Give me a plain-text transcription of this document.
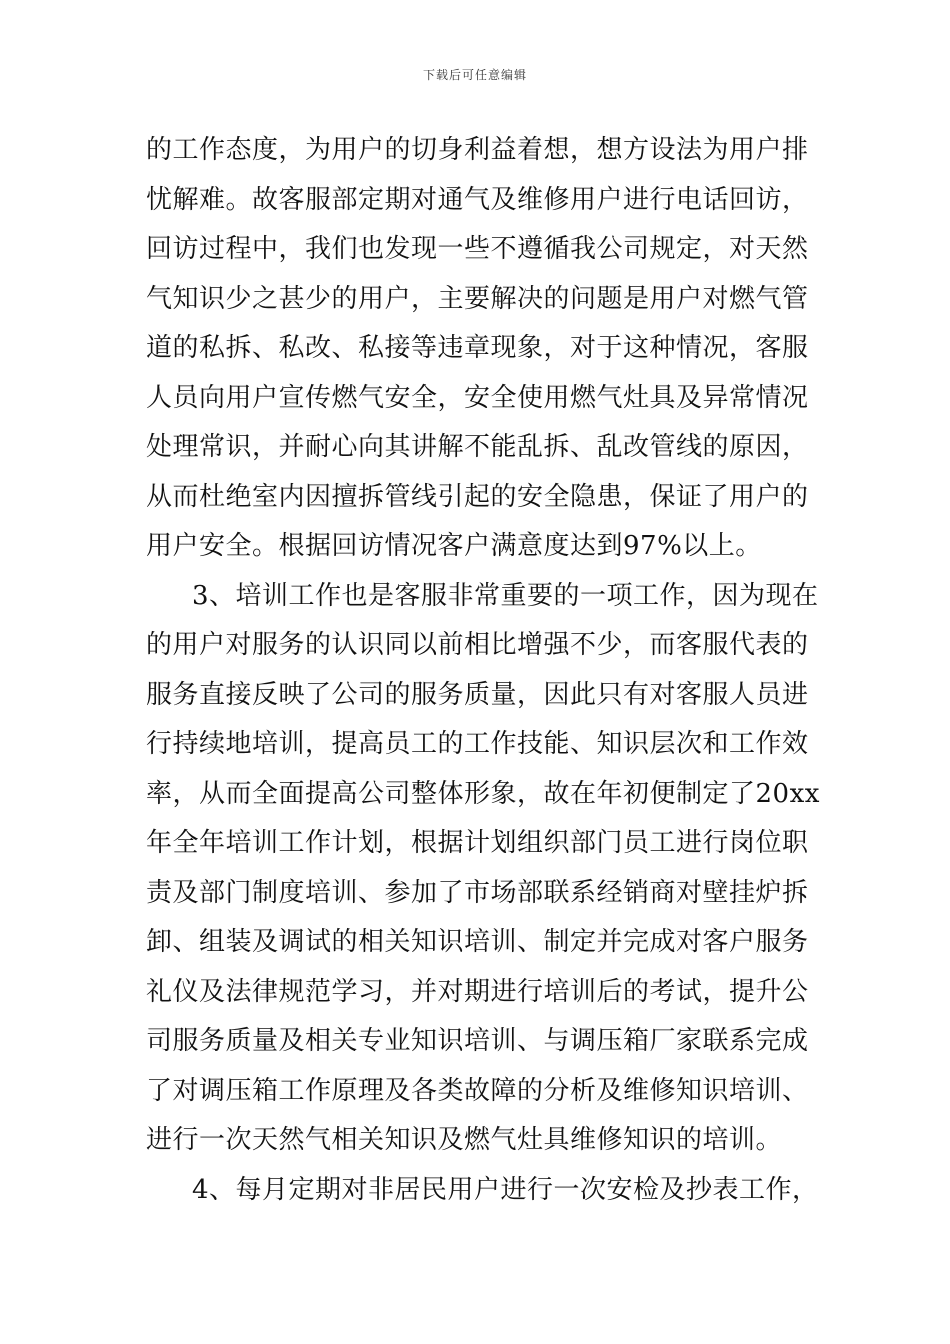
下载后可任意编辑
的工作态度，为用户的切身利益着想，想方设法为用户排
忧解难。故客服部定期对通气及维修用户进行电话回访，
回访过程中，我们也发现一些不遵循我公司规定，对天然
气知识少之甚少的用户，主要解决的问题是用户对燃气管
道的私拆、私改、私接等违章现象，对于这种情况，客服
人员向用户宣传燃气安全，安全使用燃气灶具及异常情况
处理常识，并耐心向其讲解不能乱拆、乱改管线的原因，
从而杜绝室内因擅拆管线引起的安全隐患，保证了用户的
用户安全。根据回访情况客户满意度达到97%以上。
3、培训工作也是客服非常重要的一项工作，因为现在
的用户对服务的认识同以前相比增强不少，而客服代表的
服务直接反映了公司的服务质量，因此只有对客服人员进
行持续地培训，提高员工的工作技能、知识层次和工作效
率，从而全面提高公司整体形象，故在年初便制定了20xx
年全年培训工作计划，根据计划组织部门员工进行岗位职
责及部门制度培训、参加了市场部联系经销商对壁挂炉拆
卸、组装及调试的相关知识培训、制定并完成对客户服务
礼仪及法律规范学习，并对期进行培训后的考试，提升公
司服务质量及相关专业知识培训、与调压箱厂家联系完成
了对调压箱工作原理及各类故障的分析及维修知识培训、
进行一次天然气相关知识及燃气灶具维修知识的培训。
4、每月定期对非居民用户进行一次安检及抄表工作，
